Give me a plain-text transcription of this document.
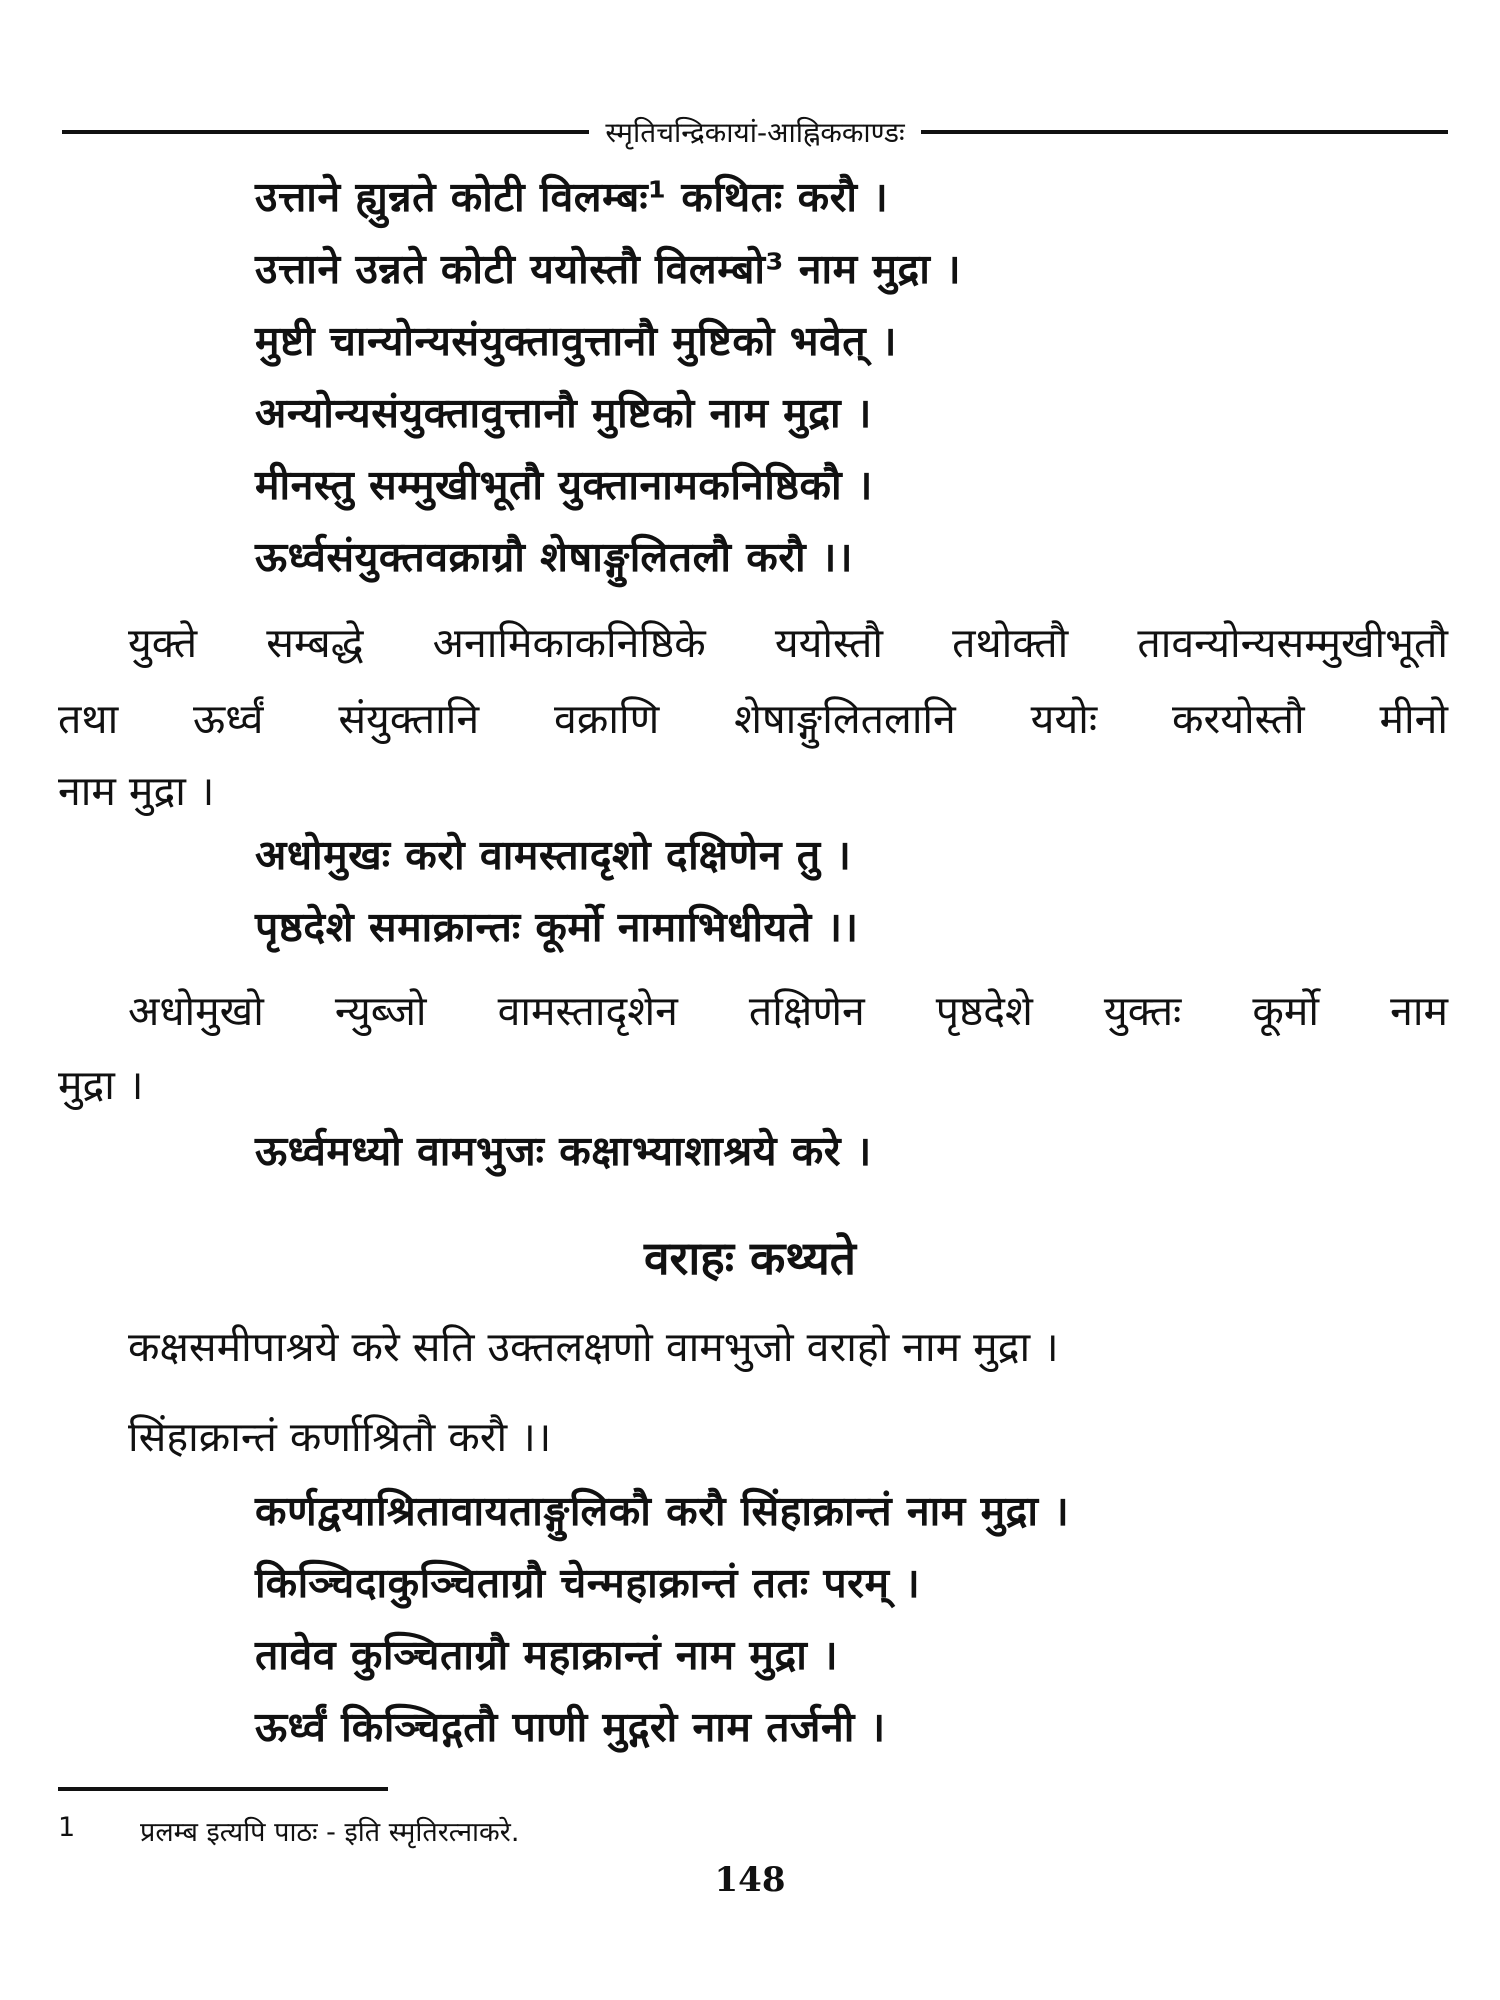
स्मृतिचन्द्रिकायां-आह्निककाण्डः
उत्ताने ह्युन्नते कोटी विलम्बः¹ कथितः करौ ।
उत्ताने उन्नते कोटी ययोस्तौ विलम्बो³ नाम मुद्रा ।
मुष्टी चान्योन्यसंयुक्तावुत्तानौ मुष्टिको भवेत् ।
अन्योन्यसंयुक्तावुत्तानौ मुष्टिको नाम मुद्रा ।
मीनस्तु सम्मुखीभूतौ युक्तानामकनिष्ठिकौ ।
ऊर्ध्वसंयुक्तवक्राग्रौ शेषाङ्गुलितलौ करौ ।।
युक्ते सम्बद्धे अनामिकाकनिष्ठिके ययोस्तौ तथोक्तौ तावन्योन्यसम्मुखीभूतौ
तथा ऊर्ध्वं संयुक्तानि वक्राणि शेषाङ्गुलितलानि ययोः करयोस्तौ मीनो
नाम मुद्रा ।
अधोमुखः करो वामस्तादृशो दक्षिणेन तु ।
पृष्ठदेशे समाक्रान्तः कूर्मो नामाभिधीयते ।।
अधोमुखो न्युब्जो वामस्तादृशेन तक्षिणेन पृष्ठदेशे युक्तः कूर्मो नाम
मुद्रा ।
ऊर्ध्वमध्यो वामभुजः कक्षाभ्याशाश्रये करे ।
वराहः कथ्यते
कक्षसमीपाश्रये करे सति उक्तलक्षणो वामभुजो वराहो नाम मुद्रा ।
सिंहाक्रान्तं कर्णाश्रितौ करौ ।।
कर्णद्वयाश्रितावायताङ्गुलिकौ करौ सिंहाक्रान्तं नाम मुद्रा ।
किञ्चिदाकुञ्चिताग्रौ चेन्महाक्रान्तं ततः परम् ।
तावेव कुञ्चिताग्रौ महाक्रान्तं नाम मुद्रा ।
ऊर्ध्वं किञ्चिद्गतौ पाणी मुद्गरो नाम तर्जनी ।
1 प्रलम्ब इत्यपि पाठः - इति स्मृतिरत्नाकरे.
148
